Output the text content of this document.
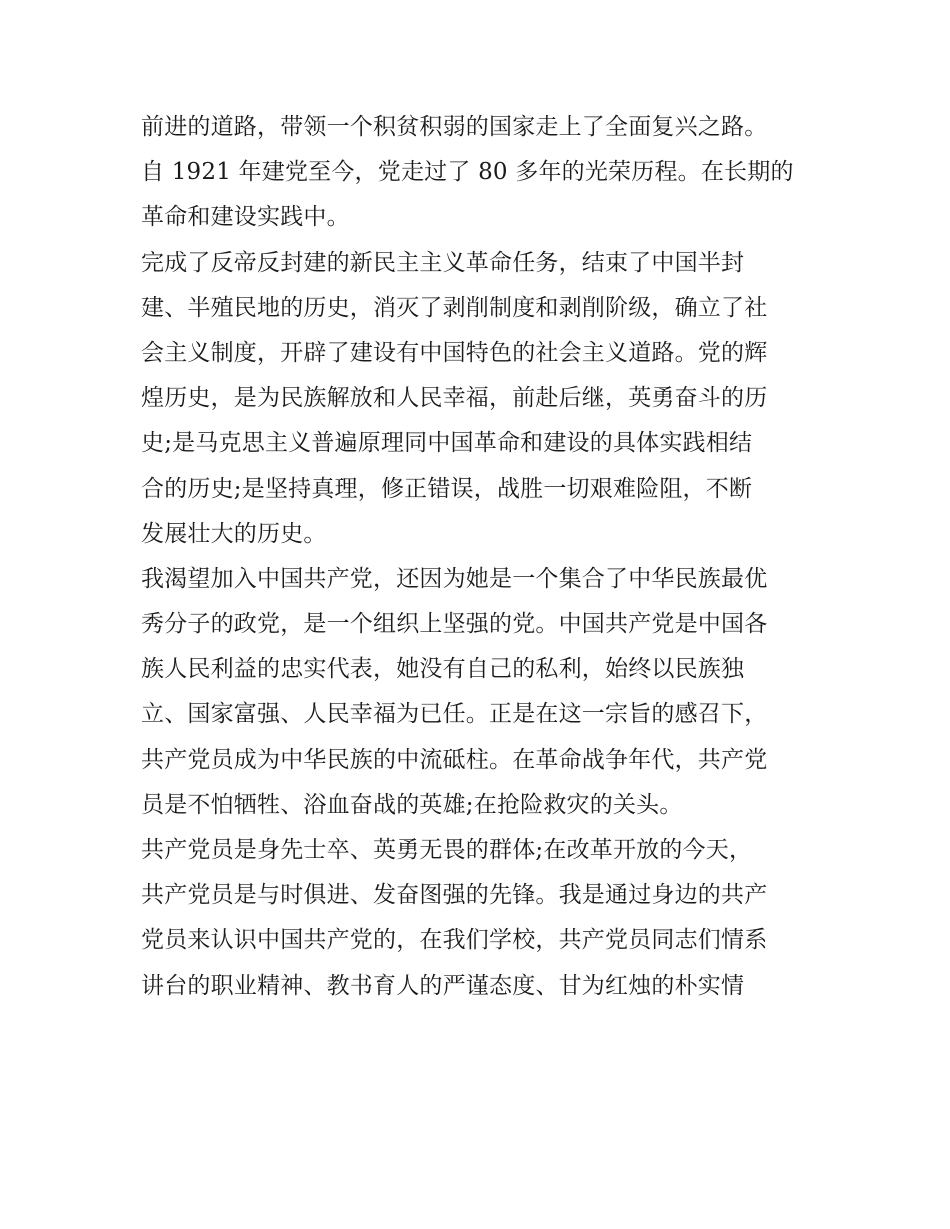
前进的道路，带领一个积贫积弱的国家走上了全面复兴之路。
自 1921 年建党至今，党走过了 80 多年的光荣历程。在长期的
革命和建设实践中。
完成了反帝反封建的新民主主义革命任务，结束了中国半封
建、半殖民地的历史，消灭了剥削制度和剥削阶级，确立了社
会主义制度，开辟了建设有中国特色的社会主义道路。党的辉
煌历史，是为民族解放和人民幸福，前赴后继，英勇奋斗的历
史;是马克思主义普遍原理同中国革命和建设的具体实践相结
合的历史;是坚持真理，修正错误，战胜一切艰难险阻，不断
发展壮大的历史。
我渴望加入中国共产党，还因为她是一个集合了中华民族最优
秀分子的政党，是一个组织上坚强的党。中国共产党是中国各
族人民利益的忠实代表，她没有自己的私利，始终以民族独
立、国家富强、人民幸福为已任。正是在这一宗旨的感召下，
共产党员成为中华民族的中流砥柱。在革命战争年代，共产党
员是不怕牺牲、浴血奋战的英雄;在抢险救灾的关头。
共产党员是身先士卒、英勇无畏的群体;在改革开放的今天，
共产党员是与时俱进、发奋图强的先锋。我是通过身边的共产
党员来认识中国共产党的，在我们学校，共产党员同志们情系
讲台的职业精神、教书育人的严谨态度、甘为红烛的朴实情
